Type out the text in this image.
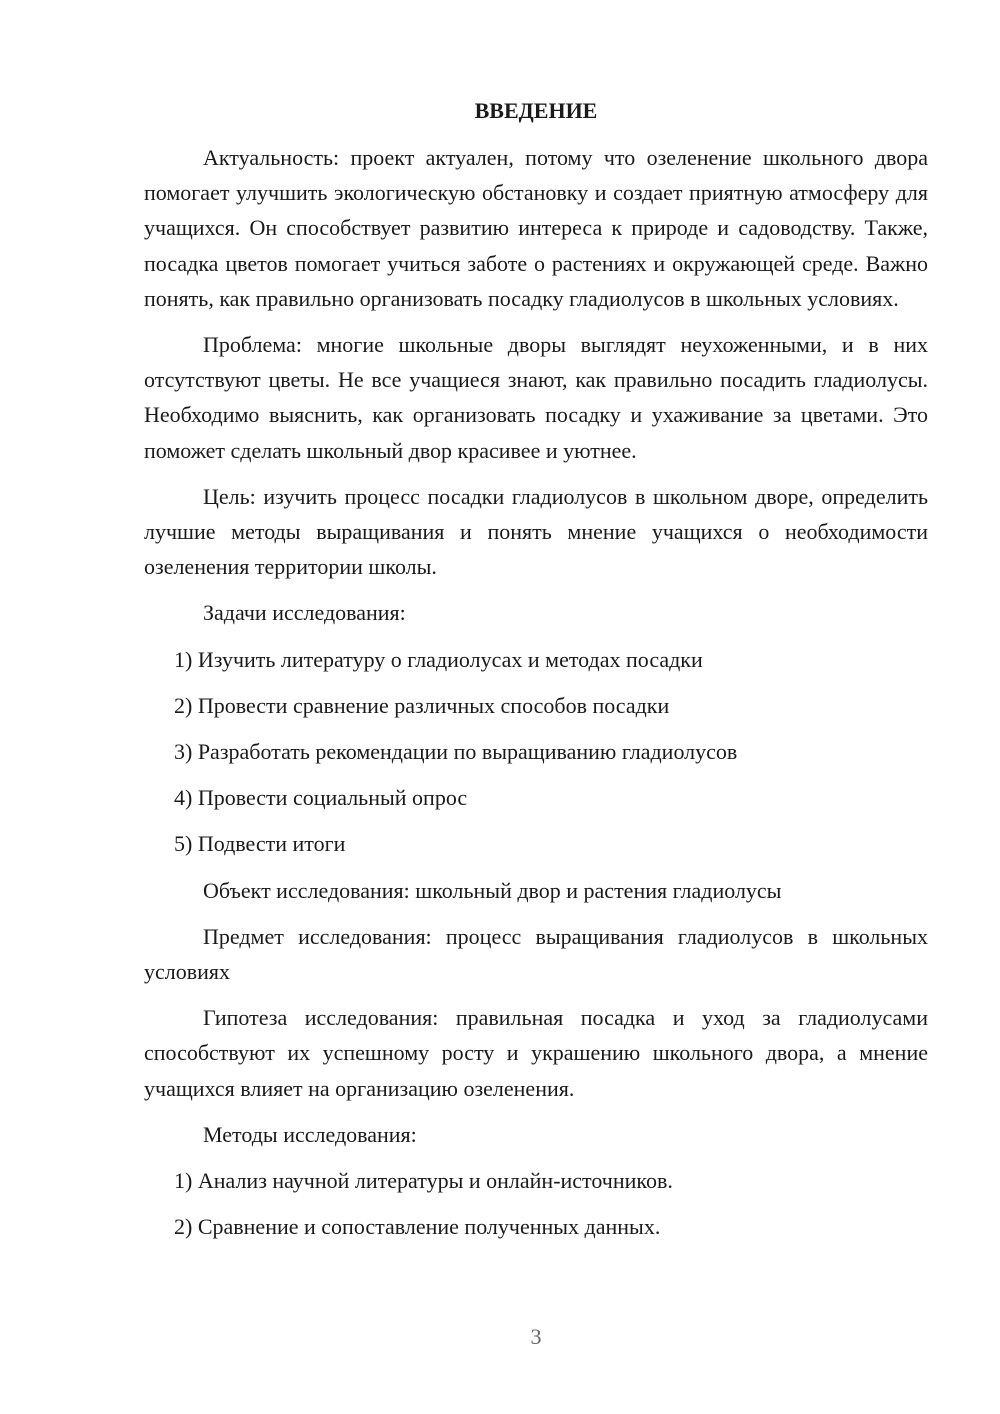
ВВЕДЕНИЕ

Актуальность: проект актуален, потому что озеленение школьного двора помогает улучшить экологическую обстановку и создает приятную атмосферу для учащихся. Он способствует развитию интереса к природе и садоводству. Также, посадка цветов помогает учиться заботе о растениях и окружающей среде. Важно понять, как правильно организовать посадку гладиолусов в школьных условиях.

Проблема: многие школьные дворы выглядят неухоженными, и в них отсутствуют цветы. Не все учащиеся знают, как правильно посадить гладиолусы. Необходимо выяснить, как организовать посадку и ухаживание за цветами. Это поможет сделать школьный двор красивее и уютнее.

Цель: изучить процесс посадки гладиолусов в школьном дворе, определить лучшие методы выращивания и понять мнение учащихся о необходимости озеленения территории школы.

Задачи исследования:
1) Изучить литературу о гладиолусах и методах посадки
2) Провести сравнение различных способов посадки
3) Разработать рекомендации по выращиванию гладиолусов
4) Провести социальный опрос
5) Подвести итоги
Объект исследования: школьный двор и растения гладиолусы

Предмет исследования: процесс выращивания гладиолусов в школьных условиях

Гипотеза исследования: правильная посадка и уход за гладиолусами способствуют их успешному росту и украшению школьного двора, а мнение учащихся влияет на организацию озеленения.

Методы исследования:
1) Анализ научной литературы и онлайн-источников.
2) Сравнение и сопоставление полученных данных.
3
